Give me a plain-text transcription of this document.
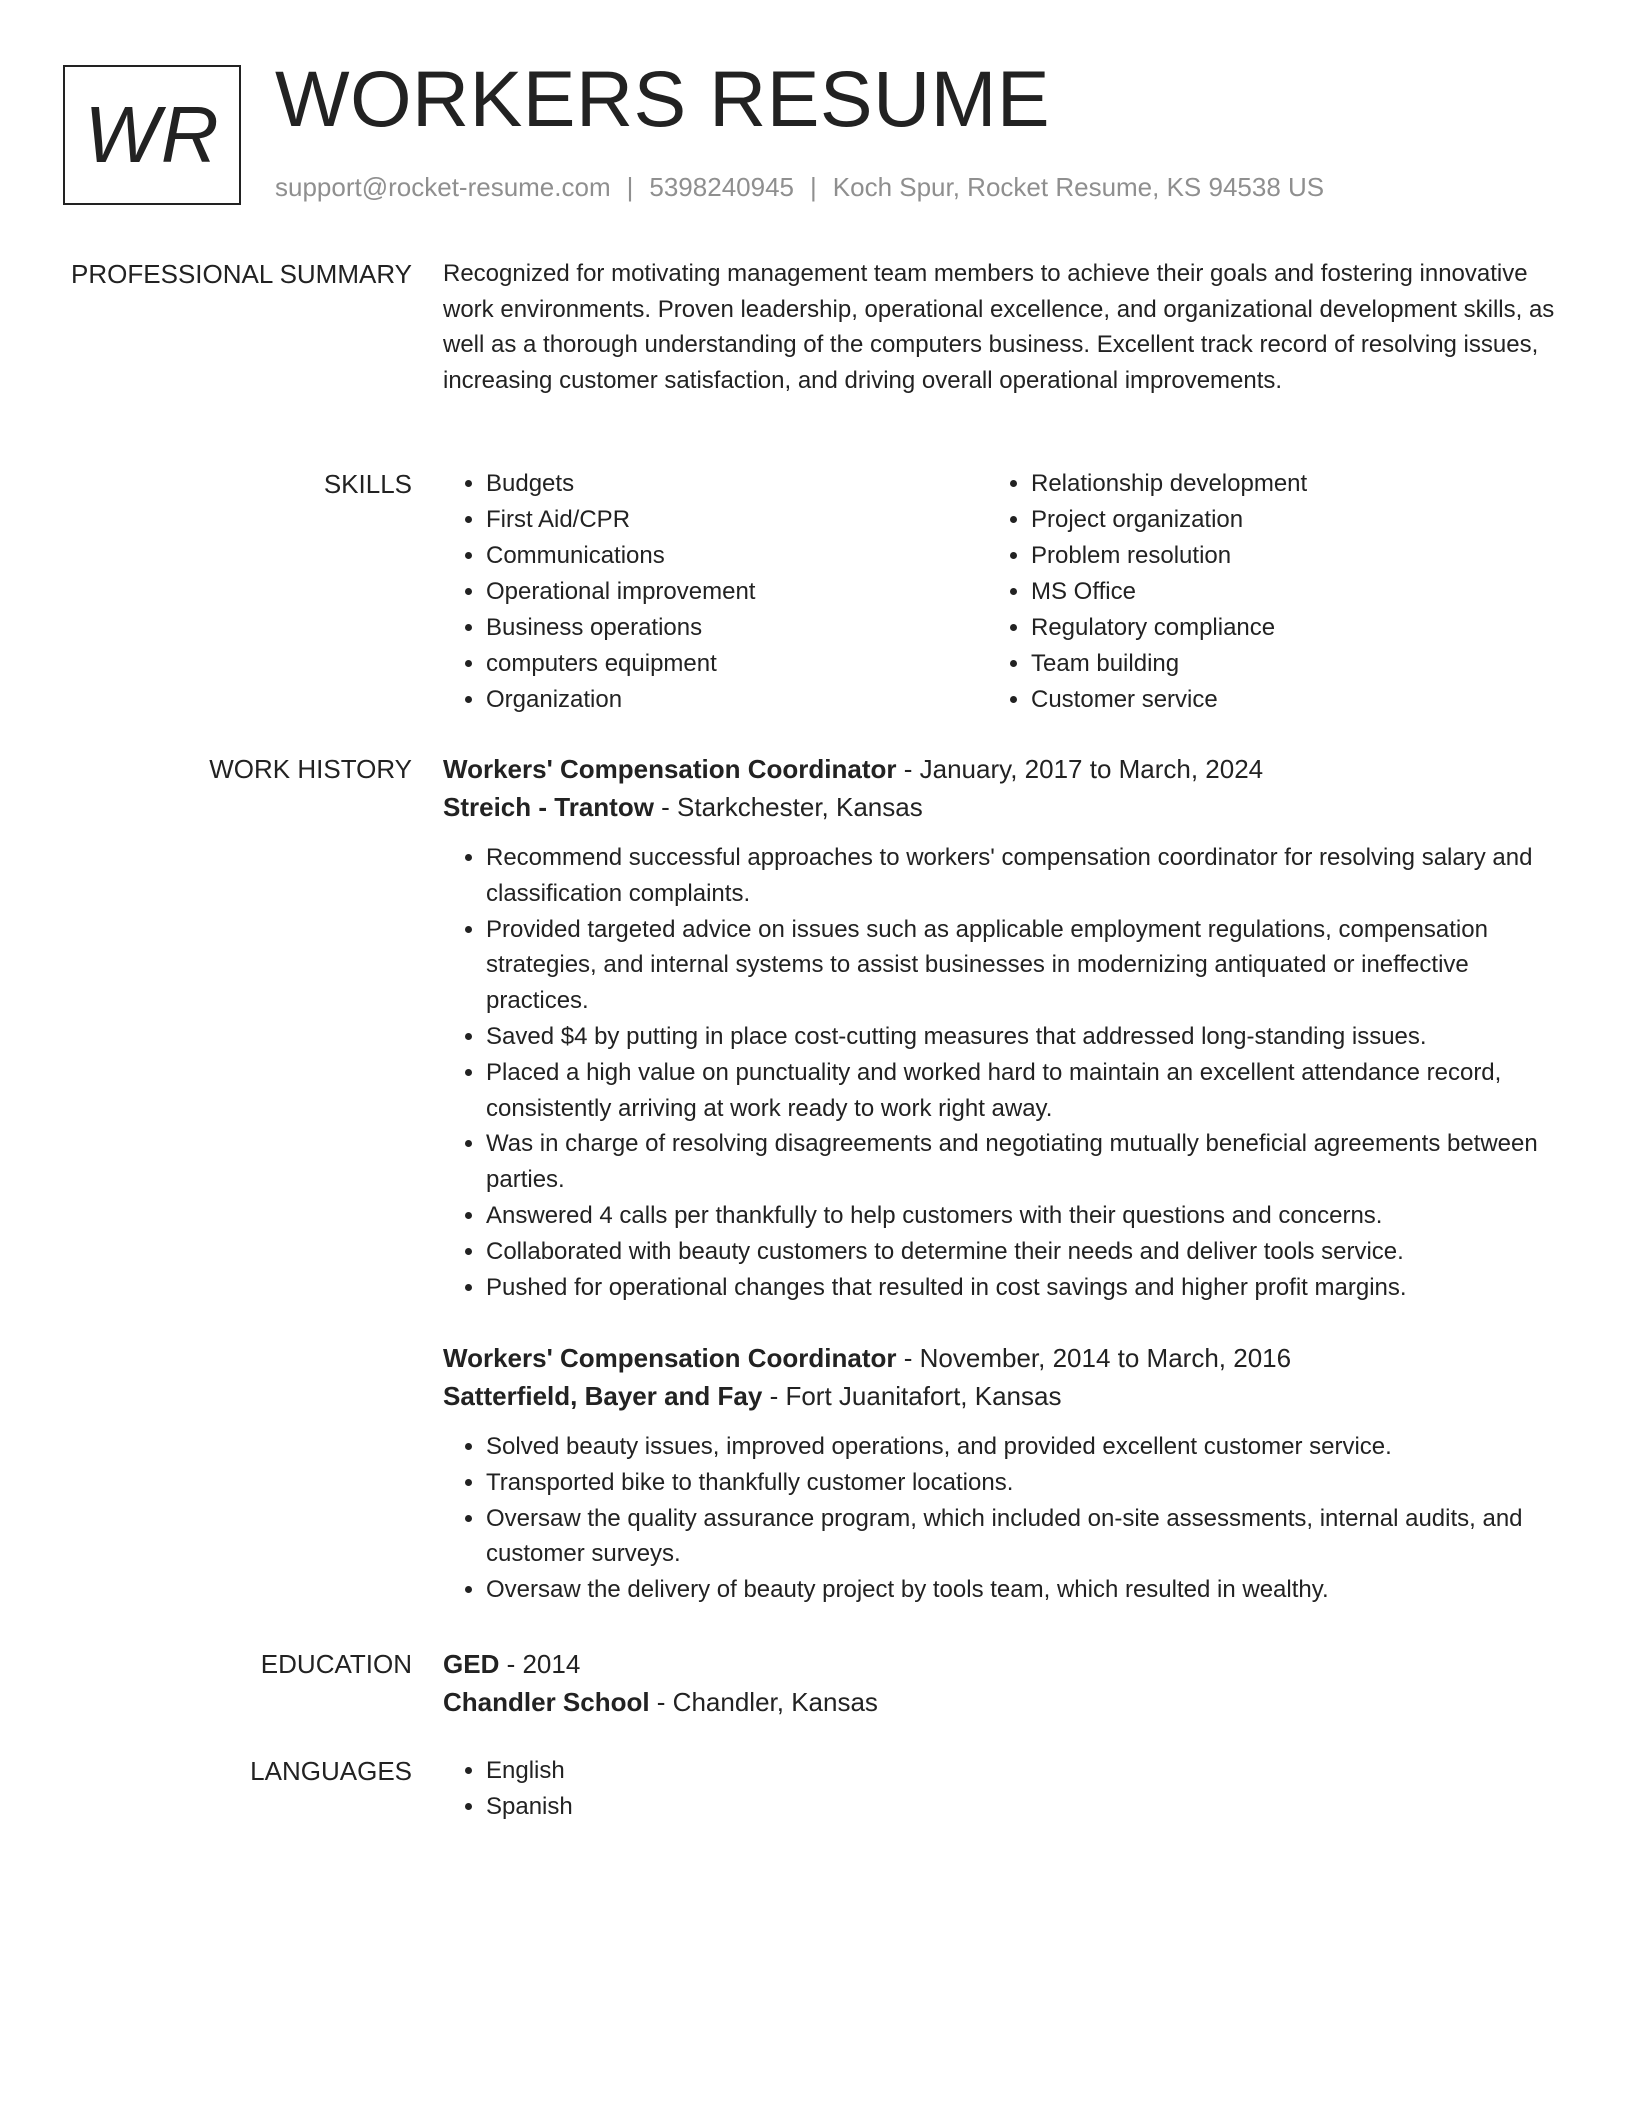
WR WORKERS RESUME
support@rocket-resume.com | 5398240945 | Koch Spur, Rocket Resume, KS 94538 US
PROFESSIONAL SUMMARY Recognized for motivating management team members to achieve their goals and fostering innovative work environments. Proven leadership, operational excellence, and organizational development skills, as well as a thorough understanding of the computers business. Excellent track record of resolving issues, increasing customer satisfaction, and driving overall operational improvements.

SKILLS	• Budgets
• First Aid/CPR
• Communications
• Operational improvement
• Business operations
• computers equipment
• Organization
• Relationship development
• Project organization
• Problem resolution
• MS Office
• Regulatory compliance
• Team building
• Customer service
WORK HISTORY Workers' Compensation Coordinator - January, 2017 to March, 2024
Streich - Trantow - Starkchester, Kansas
• Recommend successful approaches to workers' compensation coordinator for resolving salary and classification complaints.
• Provided targeted advice on issues such as applicable employment regulations, compensation strategies, and internal systems to assist businesses in modernizing antiquated or ineffective practices.
• Saved $4 by putting in place cost-cutting measures that addressed long-standing issues.
• Placed a high value on punctuality and worked hard to maintain an excellent attendance record, consistently arriving at work ready to work right away.
• Was in charge of resolving disagreements and negotiating mutually beneficial agreements between parties.
• Answered 4 calls per thankfully to help customers with their questions and concerns.
• Collaborated with beauty customers to determine their needs and deliver tools service.
• Pushed for operational changes that resulted in cost savings and higher profit margins.
Workers' Compensation Coordinator - November, 2014 to March, 2016
Satterfield, Bayer and Fay - Fort Juanitafort, Kansas
• Solved beauty issues, improved operations, and provided excellent customer service.
• Transported bike to thankfully customer locations.
• Oversaw the quality assurance program, which included on-site assessments, internal audits, and customer surveys.
• Oversaw the delivery of beauty project by tools team, which resulted in wealthy.
EDUCATION GED - 2014
Chandler School - Chandler, Kansas
LANGUAGES	• English
• Spanish
